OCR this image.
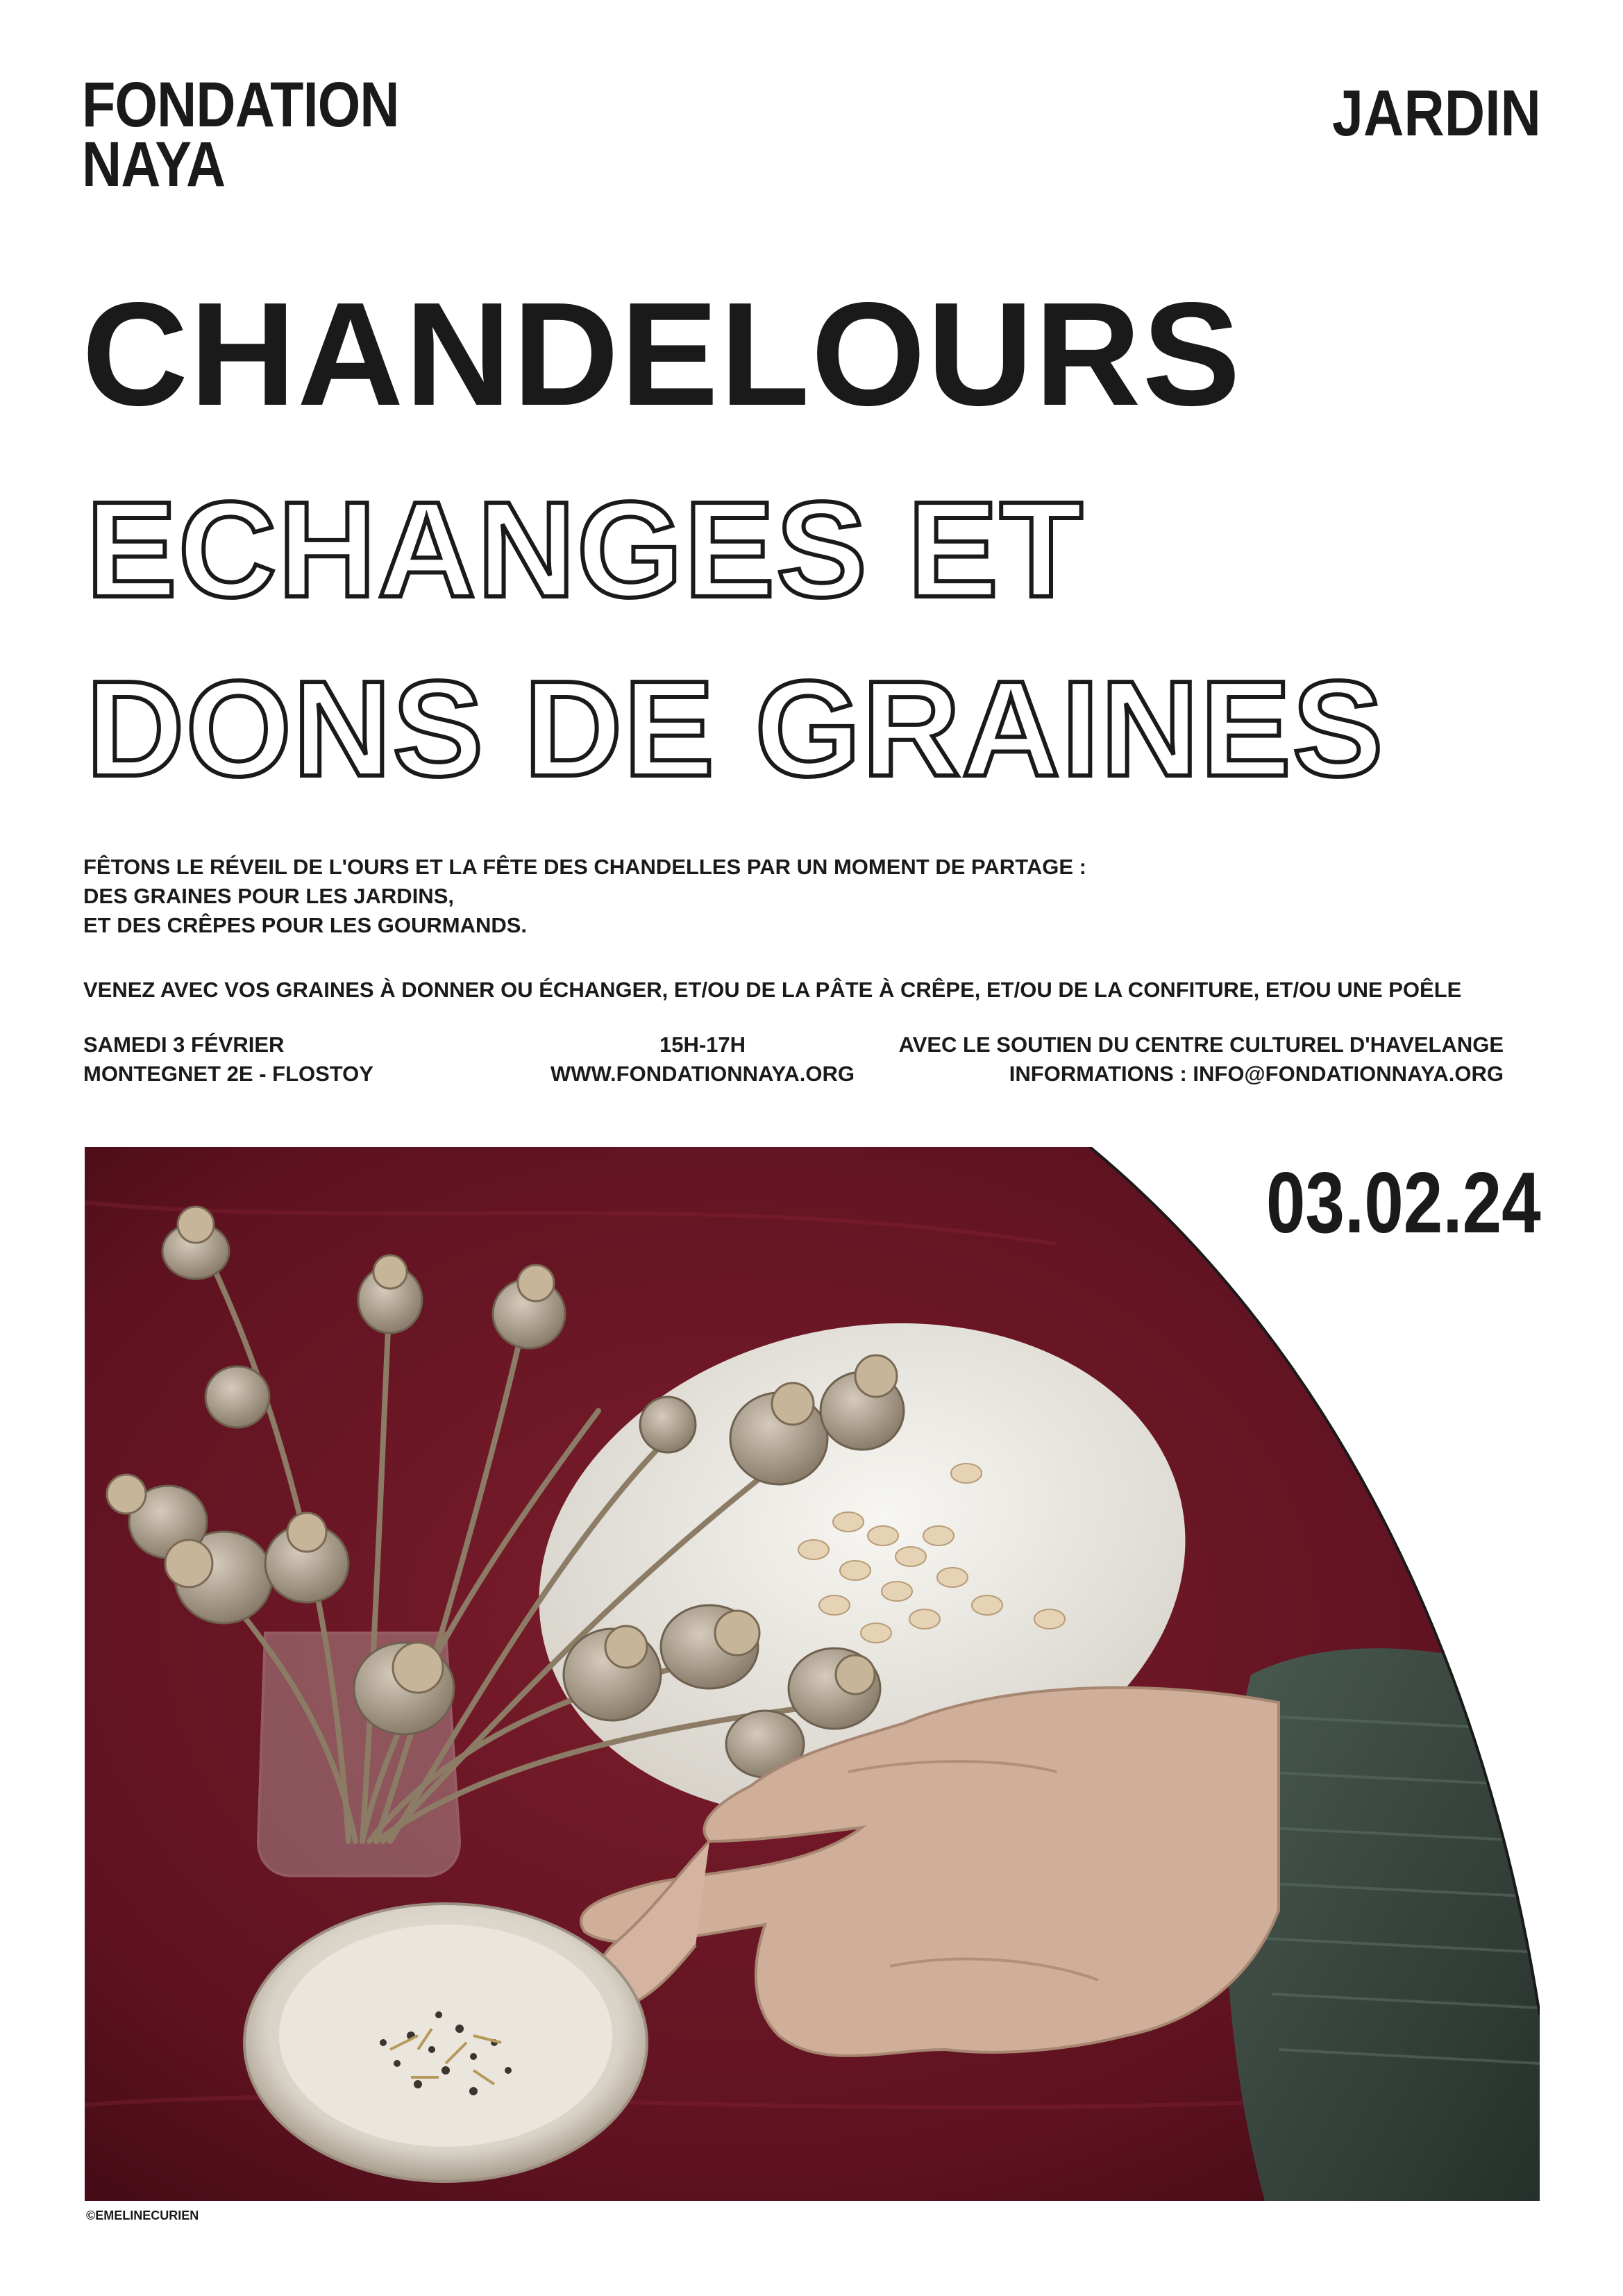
FONDATION
NAYA
JARDIN
CHANDELOURS
ECHANGES ET
DONS DE GRAINES
FÊTONS LE RÉVEIL DE L'OURS ET LA FÊTE DES CHANDELLES PAR UN MOMENT DE PARTAGE :
DES GRAINES POUR LES JARDINS,
ET DES CRÊPES POUR LES GOURMANDS.
VENEZ AVEC VOS GRAINES À DONNER OU ÉCHANGER, ET/OU DE LA PÂTE À CRÊPE, ET/OU DE LA CONFITURE, ET/OU UNE POÊLE
SAMEDI 3 FÉVRIER
MONTEGNET 2E - FLOSTOY
15H-17H
WWW.FONDATIONNAYA.ORG
AVEC LE SOUTIEN DU CENTRE CULTUREL D'HAVELANGE
INFORMATIONS : INFO@FONDATIONNAYA.ORG
03.02.24
©EMELINECURIEN
